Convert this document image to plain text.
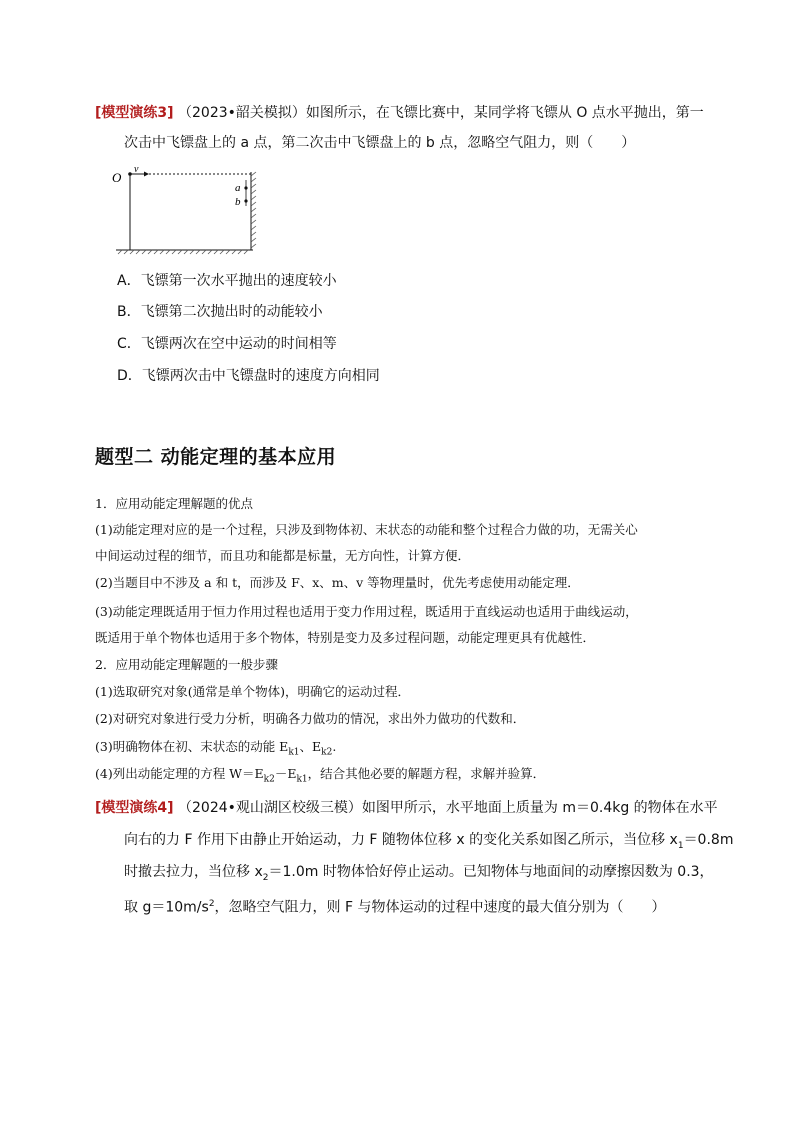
[模型演练3] （2023•韶关模拟）如图所示，在飞镖比赛中，某同学将飞镖从 O 点水平抛出，第一
次击中飞镖盘上的 a 点，第二次击中飞镖盘上的 b 点，忽略空气阻力，则（　　）
O
v
a
b
A．飞镖第一次水平抛出的速度较小
B．飞镖第二次抛出时的动能较小
C．飞镖两次在空中运动的时间相等
D．飞镖两次击中飞镖盘时的速度方向相同
题型二 动能定理的基本应用
1．应用动能定理解题的优点
(1)动能定理对应的是一个过程，只涉及到物体初、末状态的动能和整个过程合力做的功，无需关心
中间运动过程的细节，而且功和能都是标量，无方向性，计算方便．
(2)当题目中不涉及 a 和 t，而涉及 F、x、m、v 等物理量时，优先考虑使用动能定理．
(3)动能定理既适用于恒力作用过程也适用于变力作用过程，既适用于直线运动也适用于曲线运动，
既适用于单个物体也适用于多个物体，特别是变力及多过程问题，动能定理更具有优越性．
2．应用动能定理解题的一般步骤
(1)选取研究对象(通常是单个物体)，明确它的运动过程．
(2)对研究对象进行受力分析，明确各力做功的情况，求出外力做功的代数和．
(3)明确物体在初、末状态的动能 $E_{k1}$、$E_{k2}$.
(4)列出动能定理的方程 $W=E_{k2}-E_{k1}$，结合其他必要的解题方程，求解并验算．
[模型演练4] （2024•观山湖区校级三模）如图甲所示，水平地面上质量为 m＝0.4kg 的物体在水平
向右的力 F 作用下由静止开始运动，力 F 随物体位移 x 的变化关系如图乙所示，当位移 $x_1=0.8m$
时撤去拉力，当位移 $x_2=1.0m$ 时物体恰好停止运动。已知物体与地面间的动摩擦因数为 0.3，
取 $g=10m/s^2$，忽略空气阻力，则 F 与物体运动的过程中速度的最大值分别为（　　）
